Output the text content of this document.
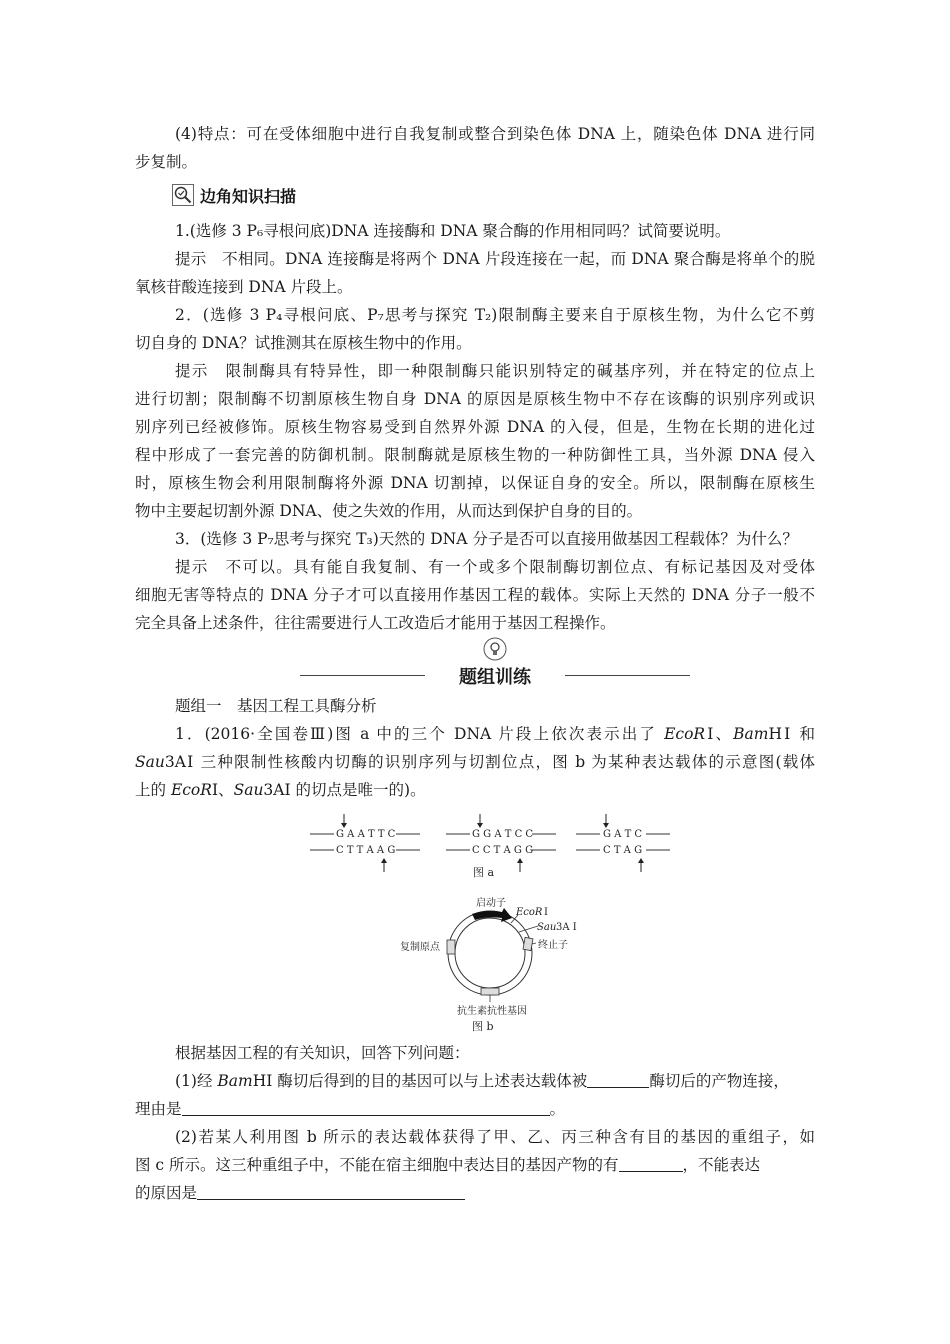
(4)特点：可在受体细胞中进行自我复制或整合到染色体 DNA 上，随染色体 DNA 进行同
步复制。
边角知识扫描
1.(选修 3 P₆寻根问底)DNA 连接酶和 DNA 聚合酶的作用相同吗？试简要说明。
提示　不相同。DNA 连接酶是将两个 DNA 片段连接在一起，而 DNA 聚合酶是将单个的脱
氧核苷酸连接到 DNA 片段上。
2．(选修 3 P₄寻根问底、P₇思考与探究 T₂)限制酶主要来自于原核生物，为什么它不剪
切自身的 DNA？试推测其在原核生物中的作用。
提示　限制酶具有特异性，即一种限制酶只能识别特定的碱基序列，并在特定的位点上
进行切割；限制酶不切割原核生物自身 DNA 的原因是原核生物中不存在该酶的识别序列或识
别序列已经被修饰。原核生物容易受到自然界外源 DNA 的入侵，但是，生物在长期的进化过
程中形成了一套完善的防御机制。限制酶就是原核生物的一种防御性工具，当外源 DNA 侵入
时，原核生物会利用限制酶将外源 DNA 切割掉，以保证自身的安全。所以，限制酶在原核生
物中主要起切割外源 DNA、使之失效的作用，从而达到保护自身的目的。
3．(选修 3 P₇思考与探究 T₃)天然的 DNA 分子是否可以直接用做基因工程载体？为什么？
提示　不可以。具有能自我复制、有一个或多个限制酶切割位点、有标记基因及对受体
细胞无害等特点的 DNA 分子才可以直接用作基因工程的载体。实际上天然的 DNA 分子一般不
完全具备上述条件，往往需要进行人工改造后才能用于基因工程操作。
题组训练
题组一　基因工程工具酶分析
1．(2016·全国卷Ⅲ)图 a 中的三个 DNA 片段上依次表示出了 EcoRⅠ、BamHⅠ 和
Sau3AⅠ 三种限制性核酸内切酶的识别序列与切割位点，图 b 为某种表达载体的示意图(载体
上的 EcoRⅠ、Sau3AⅠ 的切点是唯一的)。
G A A T T C
C T T A A G
G G A T C C
C C T A G G
G A T C
C T A G
图 a
启动子
EcoR Ⅰ
Sau 3A Ⅰ
终止子
复制原点
抗生素抗性基因
图 b
根据基因工程的有关知识，回答下列问题：
(1)经 BamHⅠ 酶切后得到的目的基因可以与上述表达载体被	酶切后的产物连接，
理由是	。
(2)若某人利用图 b 所示的表达载体获得了甲、乙、丙三种含有目的基因的重组子，如
图 c 所示。这三种重组子中，不能在宿主细胞中表达目的基因产物的有	，不能表达
的原因是
